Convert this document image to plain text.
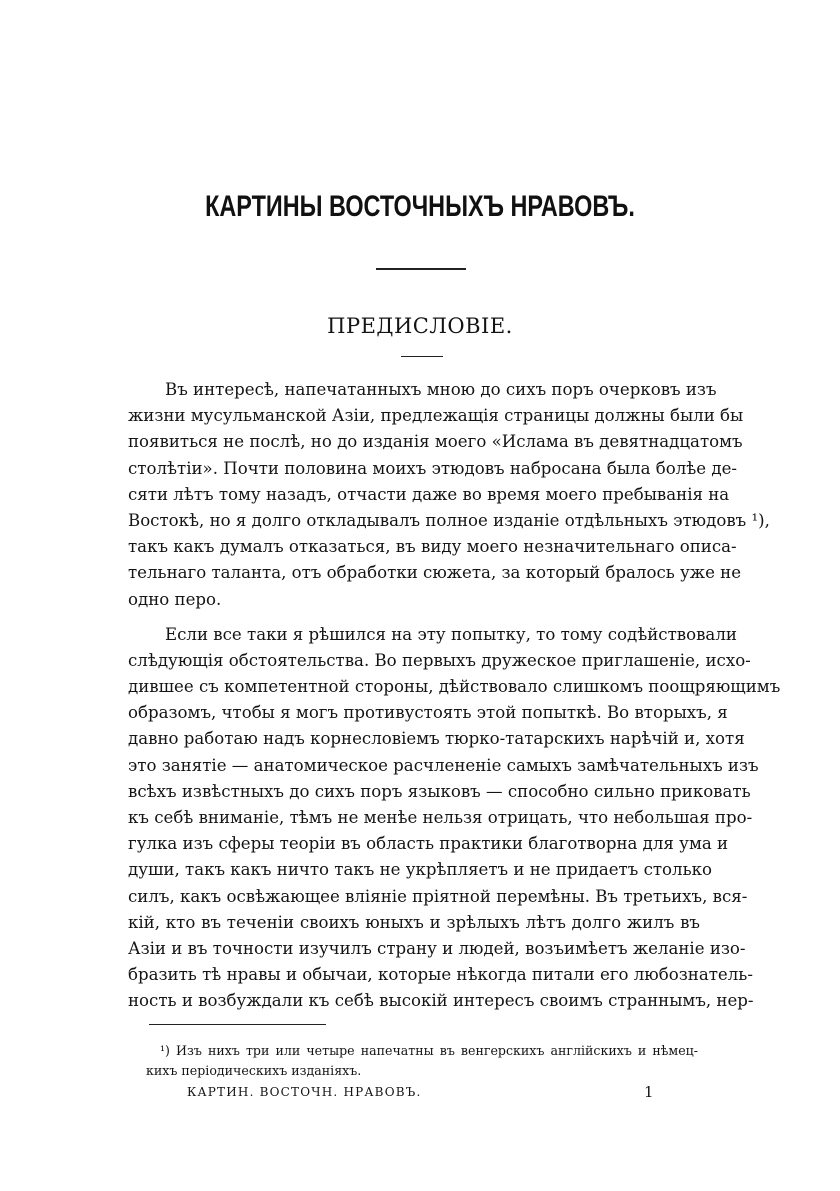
КАРТИНЫ ВОСТОЧНЫХЪ НРАВОВЪ.
ПРЕДИСЛОВІЕ.
Въ интересѣ, напечатанныхъ мною до сихъ поръ очерковъ изъ
жизни мусульманской Азіи, предлежащія страницы должны были бы
появиться не послѣ, но до изданія моего «Ислама въ девятнадцатомъ
столѣтіи». Почти половина моихъ этюдовъ набросана была болѣе де-
сяти лѣтъ тому назадъ, отчасти даже во время моего пребыванія на
Востокѣ, но я долго откладывалъ полное изданіе отдѣльныхъ этюдовъ ¹),
такъ какъ думалъ отказаться, въ виду моего незначительнаго описа-
тельнаго таланта, отъ обработки сюжета, за который бралось уже не
одно перо.
Если все таки я рѣшился на эту попытку, то тому содѣйствовали
слѣдующія обстоятельства. Во первыхъ дружеское приглашеніе, исхо-
дившее съ компетентной стороны, дѣйствовало слишкомъ поощряющимъ
образомъ, чтобы я могъ противустоять этой попыткѣ. Во вторыхъ, я
давно работаю надъ корнесловіемъ тюрко-татарскихъ нарѣчій и, хотя
это занятіе — анатомическое расчлененіе самыхъ замѣчательныхъ изъ
всѣхъ извѣстныхъ до сихъ поръ языковъ — способно сильно приковать
къ себѣ вниманіе, тѣмъ не менѣе нельзя отрицать, что небольшая про-
гулка изъ сферы теоріи въ область практики благотворна для ума и
души, такъ какъ ничто такъ не укрѣпляетъ и не придаетъ столько
силъ, какъ освѣжающее вліяніе пріятной перемѣны. Въ третьихъ, вся-
кій, кто въ теченіи своихъ юныхъ и зрѣлыхъ лѣтъ долго жилъ въ
Азіи и въ точности изучилъ страну и людей, возъимѣетъ желаніе изо-
бразить тѣ нравы и обычаи, которые нѣкогда питали его любознатель-
ность и возбуждали къ себѣ высокій интересъ своимъ страннымъ, нер-
¹) Изъ нихъ три или четыре напечатны въ венгерскихъ англійскихъ и нѣмец-
кихъ періодическихъ изданіяхъ.
КАРТИН. ВОСТОЧН. НРАВОВЪ.	1
